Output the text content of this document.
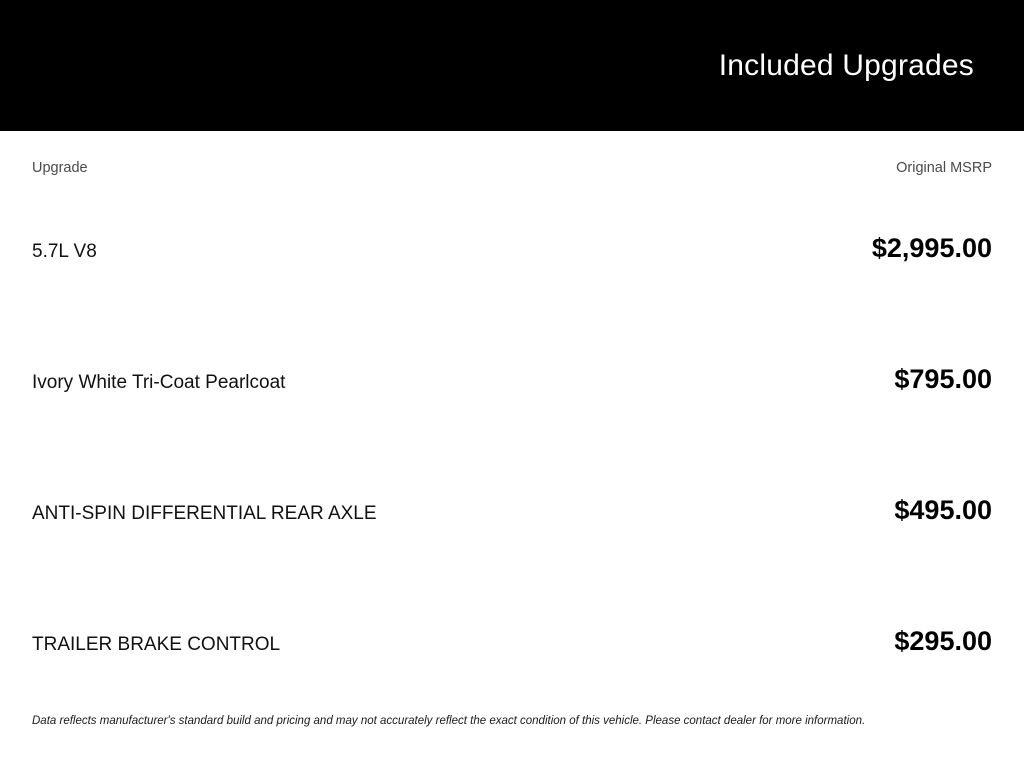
Included Upgrades
Upgrade	Original MSRP
5.7L V8	$2,995.00
Ivory White Tri-Coat Pearlcoat	$795.00
ANTI-SPIN DIFFERENTIAL REAR AXLE	$495.00
TRAILER BRAKE CONTROL	$295.00
Data reflects manufacturer's standard build and pricing and may not accurately reflect the exact condition of this vehicle. Please contact dealer for more information.
